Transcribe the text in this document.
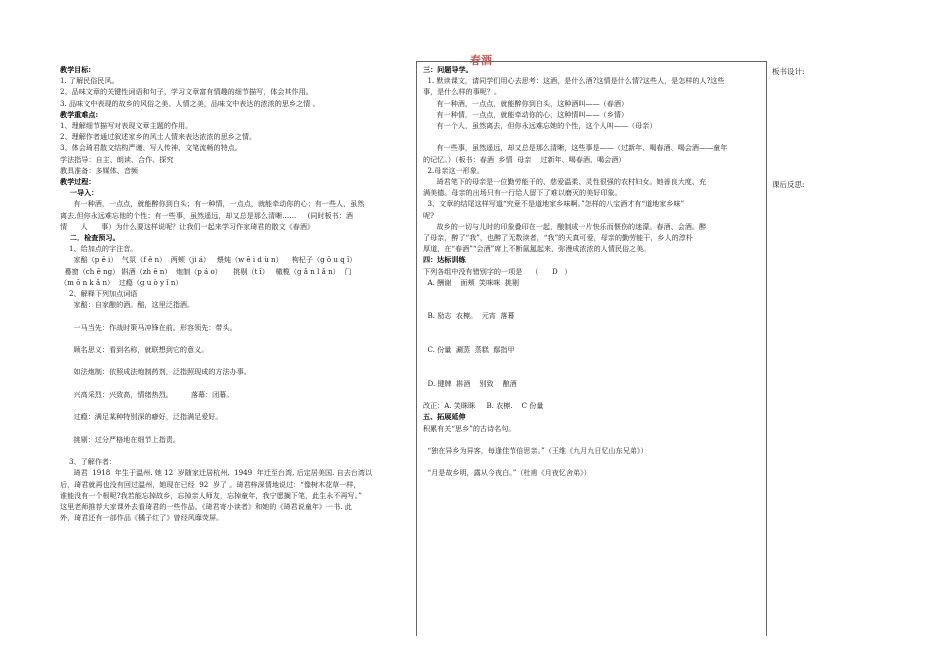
春酒

教学目标:

1. 了解民俗民风。

2、品味文章的关键性词语和句子，学习文章富有情趣的细节描写，体会其作用。

3. 品味文中表现的故乡的风俗之美、人情之美，品味文中表达的浓浓的思乡之情 。

教学重难点:

1、理解细节描写对表现文章主题的作用。

2、理解作者通过叙述家乡的风土人情来表达浓浓的思乡之情。

3、体会琦君散文结构严谨、写人传神、文笔流畅的特点。

学法指导：自主、朗读、合作、探究

教具准备：多媒体、音频

教学过程：

一导入：

有一种酒，一点点，就能醉你到白头；有一种情，一点点，就能牵动你的心；有一些人，虽然

离去,但你永远难忘他的个性；有一些事，虽然遥远，却又总是那么清晰……     (同时板书：酒

情      人      事）为什么要这样说呢？让我们一起来学习作家琦君的散文《春酒》

二．检查预习。

1、给加点的字注音。

家醅（p ē i）  气氛（f ē n）  两颊（ji á）   煨炖（w ē i d ù n）    枸杞子（g ō u q ǐ）

蓦窗（ch ē ng） 斟酒（zh ē n）  炮制（p á o）     挑剔（t ī）   橄榄（g ǎ n l ǎ n）  门

（m ō n k ǎ n）  过瘾（ɡ u ò y ǐ n）

2、解释下列加点词语

家醅：自家酿的酒。醅，这里泛指酒。

一马当先：作战时策马冲锋在前。形容领先：带头。

顾名思义：看到名称，就联想到它的意义。

如法炮制：依照成法炮制药剂，泛指照现成的方法办事。

兴高采烈：兴致高，情绪热烈。        落幕：闭幕。

过瘾：满足某种特别深的癖好，泛指满足爱好。

挑剔：过分严格地在细节上指责。

3、了解作者：

琦君  1918  年生于温州. 她 12  岁随家迁居杭州,  1949  年迁至台湾, 后定居美国. 自去台湾以

后，琦君就再也没有回过温州，她现在已经  92  岁了 。琦君梓深情地说过：“像树木花草一样，

谁能没有一个根呢?我若能忘掉故乡，忘掉亲人师友，忘掉童年，我宁愿搁下笔，此生永不再写。”

这里老师推荐大家课外去看琦君的一些作品。《琦君寄小读者》和她的《琦君说童年》一书. 此

外，琦君还有一部作品《橘子红了》曾经风靡荧屏。

三：问题导学。

1. 默读课文，请同学们用心去思考：这酒，是什么酒?这情是什么情?这些人，是怎样的人?这些

事，是什么样的事呢？。

有一种酒，一点点，就能醉你到白头，这种酒叫——（春酒）

有一种情，一点点，就能牵动你的心，这种情叫——（乡情）

有一个人，虽然离去，但你永远难忘她的个性，这个人叫——（母亲）

有一些事，虽然遥远，却又总是那么清晰，这些事是——（过新年、喝春酒、喝会酒——童年

的记忆。）（板书：春酒  乡情  母亲    过新年、喝春酒、喝会酒）

2.母亲这一形象。

琦君笔下的母亲是一位勤劳能干的、慈爱温柔、灵性很强的农村妇女。她善良大度、充

满美德。母亲的出场只有一行给人留下了难以磨灭的美好印象。

3、文章的结尾这样写道“究竟不是道地家乡味啊。”怎样的八宝酒才有“道地家乡味”

呢?

故乡的一切与儿时的印象叠印在一起，酿制成一片快乐而惬伤的迷濛。春酒、会酒。醉

了母亲，醉了“我”，也醉了无数读者，“我”的天真可爱，母亲的勤劳能干，乡人的淳朴

厚道，在“春酒”“会酒”席上不断氤氲起来，弥漫成浓浓的人情民俗之美。

四：达标训练

下列各组中没有错别字的一项是    （      D   ）

A. 酬谢    面颊  笑咪咪  挑剔

B. 励志  农檩。  元宵  落幕

C. 份量  涮蒸  蒸糕  鄢指甲

D. 键牌  斟酒    别致    酿酒

改正：A. 笑眯眯     B. 农檩.    C 份量

五、拓展延伸

积累有关“思乡”的古诗名句。

“独在异乡为异客，每逢佳节倍思亲。”（王维《九月九日忆山东兄弟》）

“月是故乡明，露从今夜白。”（杜甫《月夜忆舍弟》）

板书设计:
课后反思:
